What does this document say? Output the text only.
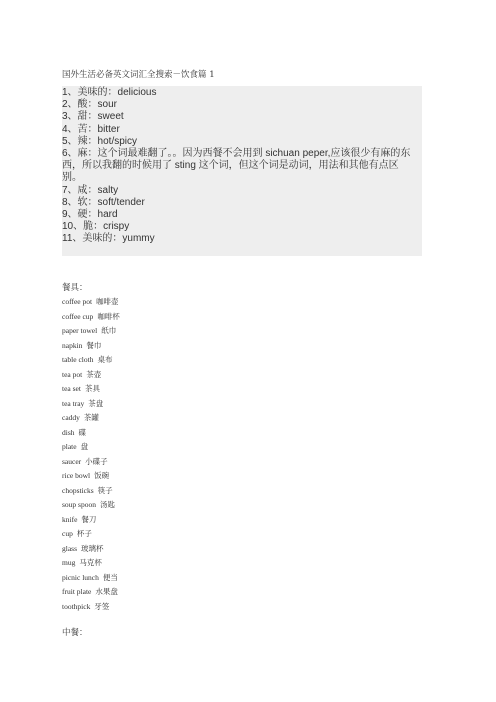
国外生活必备英文词汇全搜索－饮食篇 1
1、美味的：delicious
2、酸：sour
3、甜：sweet
4、苦：bitter
5、辣：hot/spicy
6、麻：这个词最难翻了。。因为西餐不会用到 sichuan peper,应该很少有麻的东西，所以我翻的时候用了 sting 这个词，但这个词是动词，用法和其他有点区别。
7、咸：salty
8、软：soft/tender
9、硬：hard
10、脆：crispy
11、美味的：yummy
餐具：
coffee pot 咖啡壶
coffee cup 咖啡杯
paper towel 纸巾
napkin 餐巾
table cloth 桌布
tea pot 茶壶
tea set 茶具
tea tray 茶盘
caddy 茶罐
dish 碟
plate 盘
saucer 小碟子
rice bowl 饭碗
chopsticks 筷子
soup spoon 汤匙
knife 餐刀
cup 杯子
glass 玻璃杯
mug 马克杯
picnic lunch 便当
fruit plate 水果盘
toothpick 牙签
中餐：
